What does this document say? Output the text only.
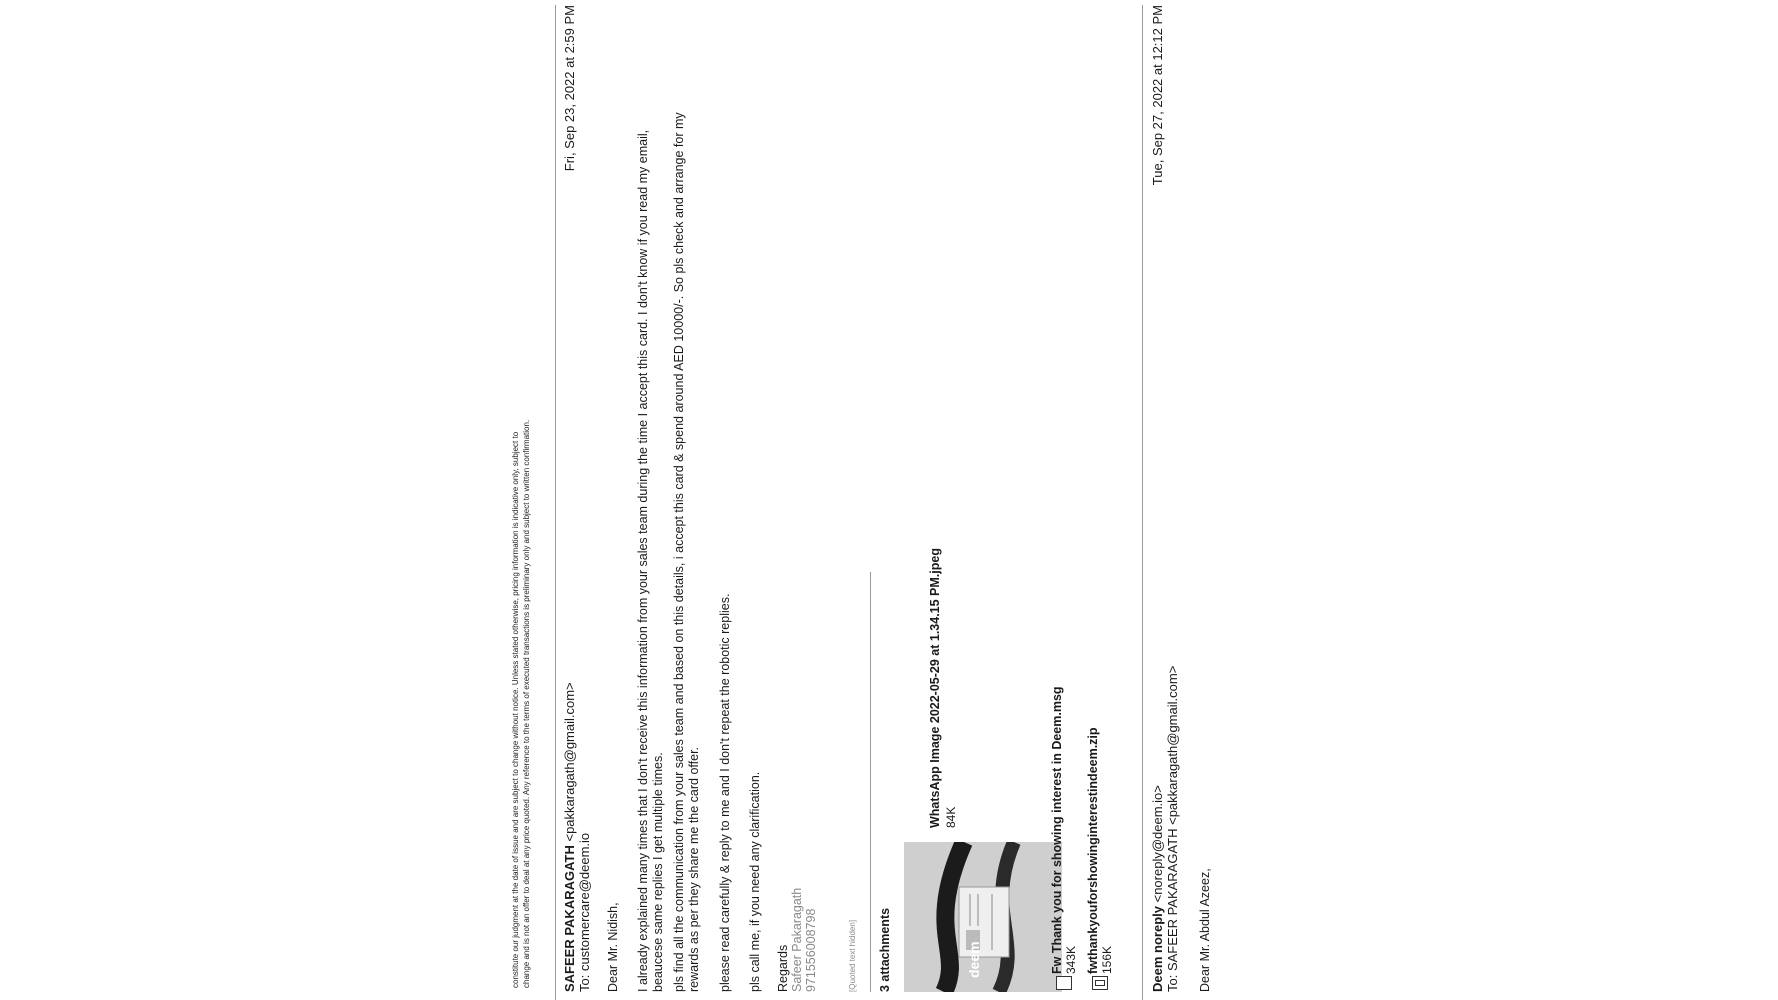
constitute our judgment at the date of issue and are subject to change without notice. Unless stated otherwise, pricing information is indicative only, subject to change and is not an offer to deal at any price quoted. Any reference to the terms of executed transactions is preliminary only and subject to written confirmation. SAFEER PAKARAGATH <pakkaragath@gmail.com>
To: customercare@deem.io
Fri, Sep 23, 2022 at 2:59 PM
Dear Mr. Nidish, I already explained many times that I don't receive this information from your sales team during the time I accept this card. I don't know if you read my email, beaucese same replies I get multiple times. pls find all the communication from your sales team and based on this details, i accept this card & spend around AED 10000/-. So pls check and arrange for my rewards as per they share me the card offer. please read carefully & reply to me and I don't repeat the robotic replies. pls call me, if you need any clarification. Regards Safeer Pakaragath 971556008798	[Quoted text hidden] 3 attachments	deem
WhatsApp Image 2022-05-29 at 1.34.15 PM.jpeg 84K	Fw Thank you for showing interest in Deem.msg 343K fwthankyouforshowinginterestindeem.zip 156K	Deem noreply <noreply@deem.io> To: SAFEER PAKARAGATH <pakkaragath@gmail.com>
Tue, Sep 27, 2022 at 12:12 PM
Dear Mr. Abdul Azeez,
